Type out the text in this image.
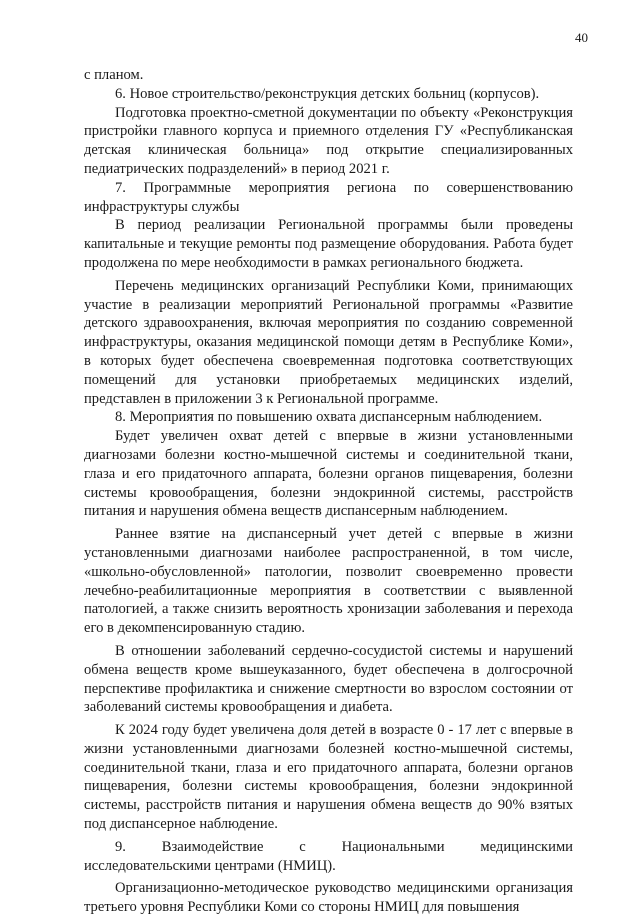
40

с планом.

6. Новое строительство/реконструкция детских больниц (корпусов).

Подготовка проектно-сметной документации по объекту «Реконструкция пристройки главного корпуса и приемного отделения ГУ «Республиканская детская клиническая больница» под открытие специализированных педиатрических подразделений» в период 2021 г.

7. Программные мероприятия региона по совершенствованию инфраструктуры службы

В период реализации Региональной программы были проведены капитальные и текущие ремонты под размещение оборудования. Работа будет продолжена по мере необходимости в рамках регионального бюджета.

Перечень медицинских организаций Республики Коми, принимающих участие в реализации мероприятий Региональной программы «Развитие детского здравоохранения, включая мероприятия по созданию современной инфраструктуры, оказания медицинской помощи детям в Республике Коми», в которых будет обеспечена своевременная подготовка соответствующих помещений для установки приобретаемых медицинских изделий, представлен в приложении 3 к Региональной программе.

8. Мероприятия по повышению охвата диспансерным наблюдением.

Будет увеличен охват детей с впервые в жизни установленными диагнозами болезни костно-мышечной системы и соединительной ткани, глаза и его придаточного аппарата, болезни органов пищеварения, болезни системы кровообращения, болезни эндокринной системы, расстройств питания и нарушения обмена веществ диспансерным наблюдением.

Раннее взятие на диспансерный учет детей с впервые в жизни установленными диагнозами наиболее распространенной, в том числе, «школьно-обусловленной» патологии, позволит своевременно провести лечебно-реабилитационные мероприятия в соответствии с выявленной патологией, а также снизить вероятность хронизации заболевания и перехода его в декомпенсированную стадию.

В отношении заболеваний сердечно-сосудистой системы и нарушений обмена веществ кроме вышеуказанного, будет обеспечена в долгосрочной перспективе профилактика и снижение смертности во взрослом состоянии от заболеваний системы кровообращения и диабета.

К 2024 году будет увеличена доля детей в возрасте 0 - 17 лет с впервые в жизни установленными диагнозами болезней костно-мышечной системы, соединительной ткани, глаза и его придаточного аппарата, болезни органов пищеварения, болезни системы кровообращения, болезни эндокринной системы, расстройств питания и нарушения обмена веществ до 90% взятых под диспансерное наблюдение.

9. Взаимодействие с Национальными медицинскими исследовательскими центрами (НМИЦ).

Организационно-методическое руководство медицинскими организация третьего уровня Республики Коми со стороны НМИЦ для повышения
